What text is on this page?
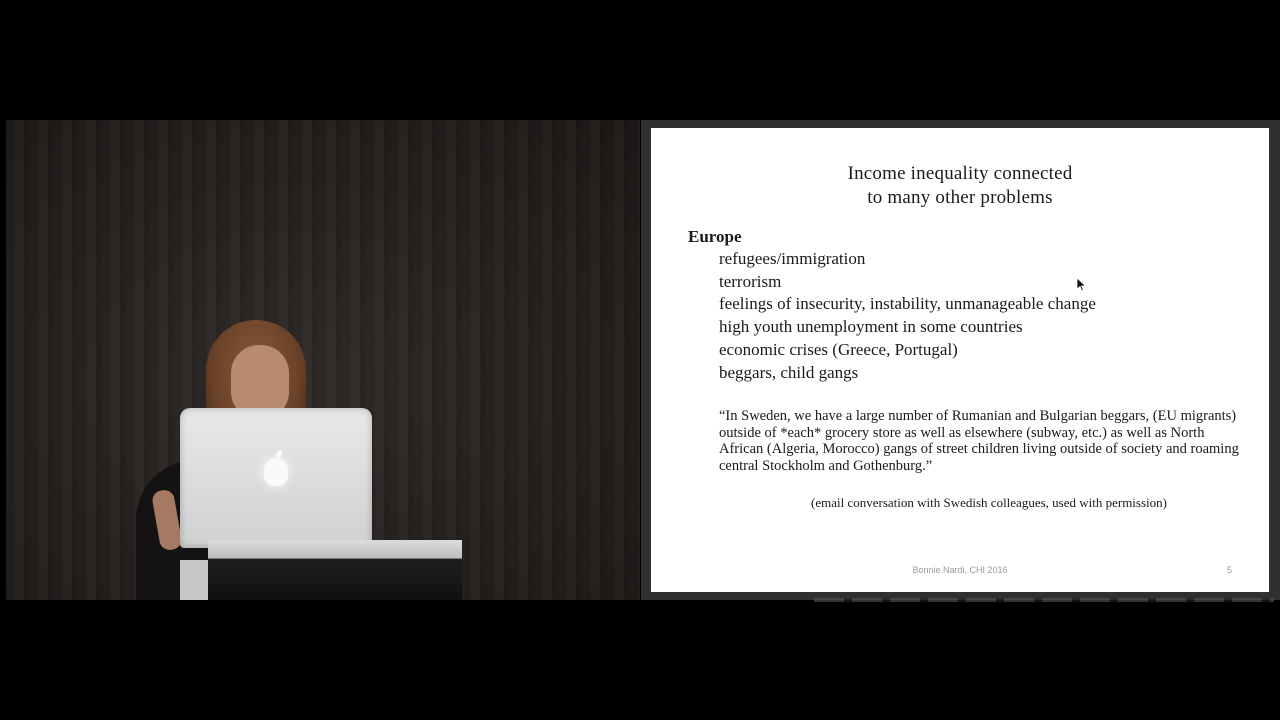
Income inequality connected
to many other problems
Europe
refugees/immigration
terrorism
feelings of insecurity, instability, unmanageable change
high youth unemployment in some countries
economic crises (Greece, Portugal)
beggars, child gangs

“In Sweden, we have a large number of Rumanian and Bulgarian beggars, (EU migrants) outside of *each* grocery store as well as elsewhere (subway, etc.) as well as North African (Algeria, Morocco) gangs of street children living outside of society and roaming central Stockholm and Gothenburg.”

(email conversation with Swedish colleagues, used with permission)

Bonnie Nardi, CHI 2016	5
